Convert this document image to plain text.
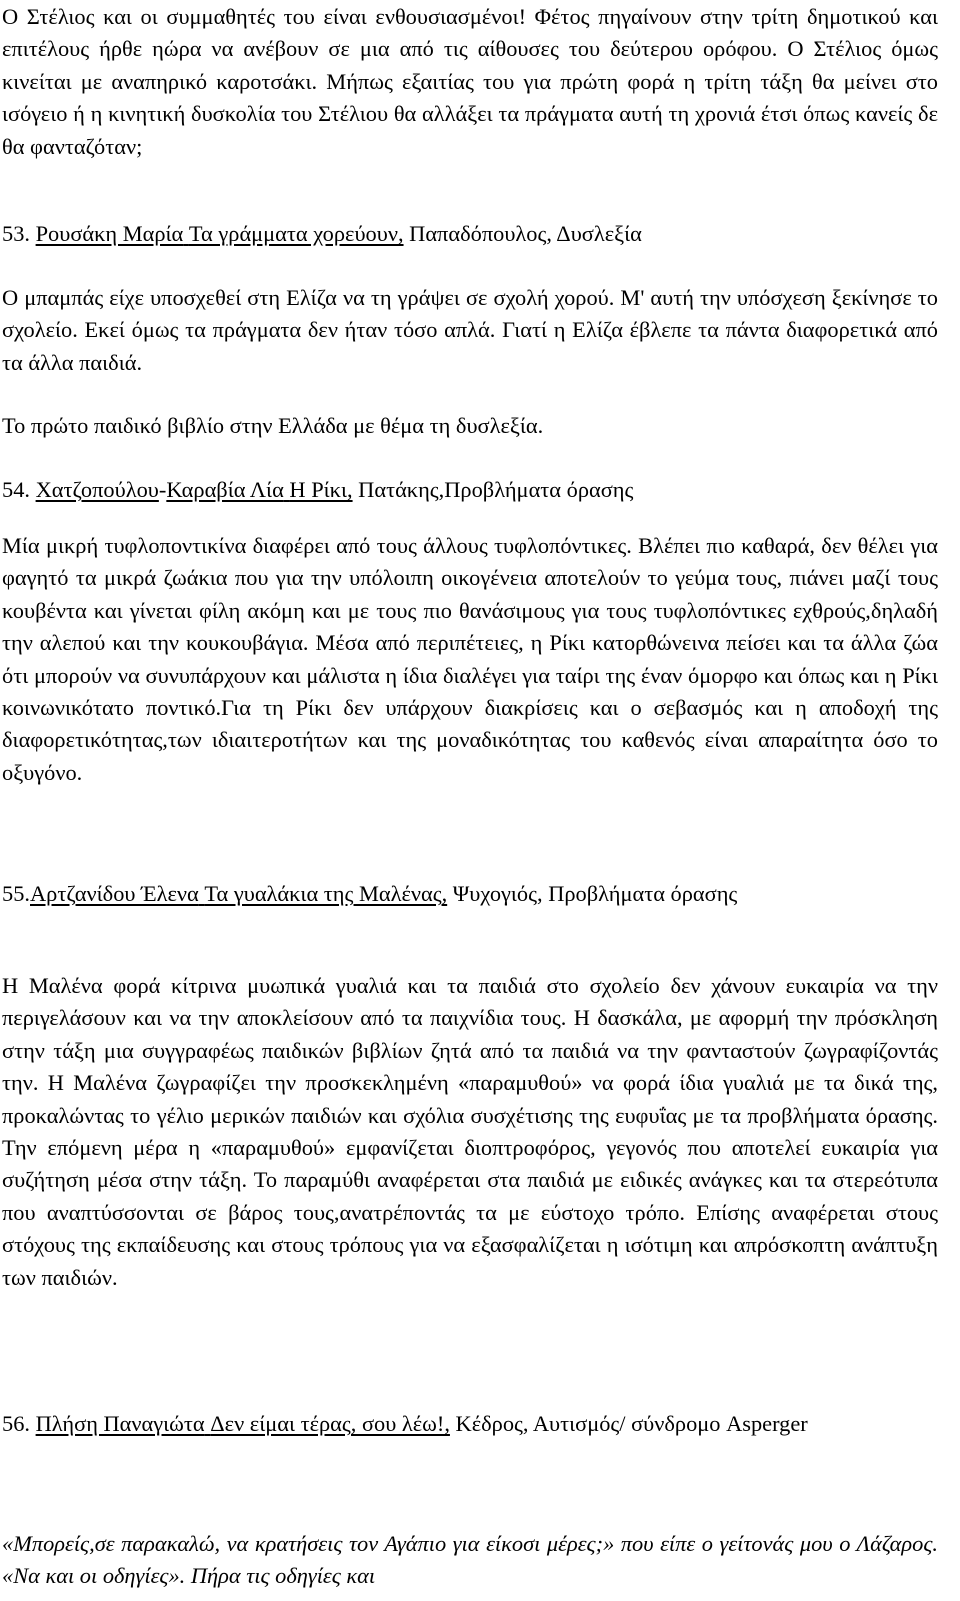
Ο Στέλιος και οι συμμαθητές του είναι ενθουσιασμένοι! Φέτος πηγαίνουν στην τρίτη δημοτικού και επιτέλους ήρθε ηώρα να ανέβουν σε μια από τις αίθουσες του δεύτερου ορόφου. Ο Στέλιος όμως κινείται με αναπηρικό καροτσάκι. Μήπως εξαιτίας του για πρώτη φορά η τρίτη τάξη θα μείνει στο ισόγειο ή η κινητική δυσκολία του Στέλιου θα αλλάξει τα πράγματα αυτή τη χρονιά έτσι όπως κανείς δε θα φανταζόταν;

53. Ρουσάκη Μαρία Τα γράμματα χορεύουν, Παπαδόπουλος, Δυσλεξία

Ο μπαμπάς είχε υποσχεθεί στη Ελίζα να τη γράψει σε σχολή χορού. Μ' αυτή την υπόσχεση ξεκίνησε το σχολείο. Εκεί όμως τα πράγματα δεν ήταν τόσο απλά. Γιατί η Ελίζα έβλεπε τα πάντα διαφορετικά από τα άλλα παιδιά.

Το πρώτο παιδικό βιβλίο στην Ελλάδα με θέμα τη δυσλεξία.

54. Χατζοπούλου-Καραβία Λία Η Ρίκι, Πατάκης,Προβλήματα όρασης

Μία μικρή τυφλοποντικίνα διαφέρει από τους άλλους τυφλοπόντικες. Βλέπει πιο καθαρά, δεν θέλει για φαγητό τα μικρά ζωάκια που για την υπόλοιπη οικογένεια αποτελούν το γεύμα τους, πιάνει μαζί τους κουβέντα και γίνεται φίλη ακόμη και με τους πιο θανάσιμους για τους τυφλοπόντικες εχθρούς,δηλαδή την αλεπού και την κουκουβάγια. Μέσα από περιπέτειες, η Ρίκι κατορθώνεινα πείσει και τα άλλα ζώα ότι μπορούν να συνυπάρχουν και μάλιστα η ίδια διαλέγει για ταίρι της έναν όμορφο και όπως και η Ρίκι κοινωνικότατο ποντικό.Για τη Ρίκι δεν υπάρχουν διακρίσεις και ο σεβασμός και η αποδοχή της διαφορετικότητας,των ιδιαιτεροτήτων και της μοναδικότητας του καθενός είναι απαραίτητα όσο το οξυγόνο.

55.Αρτζανίδου Έλενα Τα γυαλάκια της Μαλένας, Ψυχογιός, Προβλήματα όρασης

Η Μαλένα φορά κίτρινα μυωπικά γυαλιά και τα παιδιά στο σχολείο δεν χάνουν ευκαιρία να την περιγελάσουν και να την αποκλείσουν από τα παιχνίδια τους. Η δασκάλα, με αφορμή την πρόσκληση στην τάξη μια συγγραφέως παιδικών βιβλίων ζητά από τα παιδιά να την φανταστούν ζωγραφίζοντάς την. Η Μαλένα ζωγραφίζει την προσκεκλημένη «παραμυθού» να φορά ίδια γυαλιά με τα δικά της, προκαλώντας το γέλιο μερικών παιδιών και σχόλια συσχέτισης της ευφυΐας με τα προβλήματα όρασης. Την επόμενη μέρα η «παραμυθού» εμφανίζεται διοπτροφόρος, γεγονός που αποτελεί ευκαιρία για συζήτηση μέσα στην τάξη. Το παραμύθι αναφέρεται στα παιδιά με ειδικές ανάγκες και τα στερεότυπα που αναπτύσσονται σε βάρος τους,ανατρέποντάς τα με εύστοχο τρόπο. Επίσης αναφέρεται στους στόχους της εκπαίδευσης και στους τρόπους για να εξασφαλίζεται η ισότιμη και απρόσκοπτη ανάπτυξη των παιδιών.

56. Πλήση Παναγιώτα Δεν είμαι τέρας, σου λέω!, Κέδρος, Αυτισμός/ σύνδρομο Asperger

«Μπορείς,σε παρακαλώ, να κρατήσεις τον Αγάπιο για είκοσι μέρες;» που είπε ο γείτονάς μου ο Λάζαρος. «Να και οι οδηγίες». Πήρα τις οδηγίες και
